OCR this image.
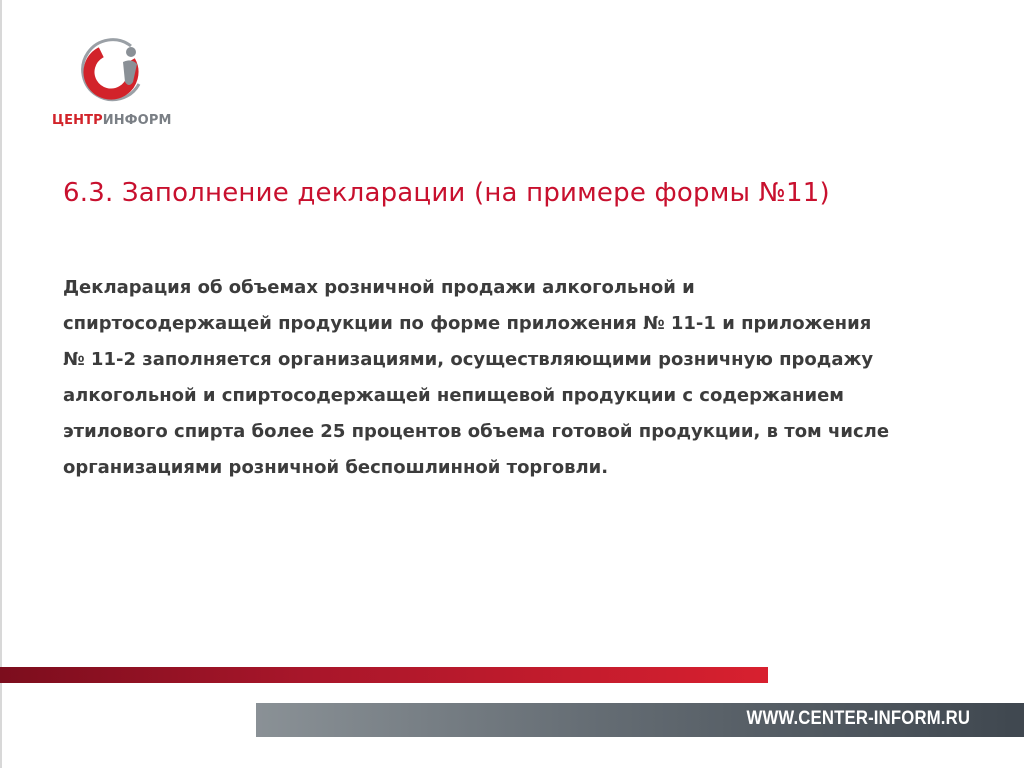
ЦЕНТРИНФОРМ
6.3. Заполнение декларации (на примере формы №11)

Декларация об объемах розничной продажи алкогольной и
спиртосодержащей продукции по форме приложения № 11-1 и приложения
№ 11-2 заполняется организациями, осуществляющими розничную продажу
алкогольной и спиртосодержащей непищевой продукции с содержанием
этилового спирта более 25 процентов объема готовой продукции, в том числе
организациями розничной беспошлинной торговли.

WWW.CENTER-INFORM.RU
